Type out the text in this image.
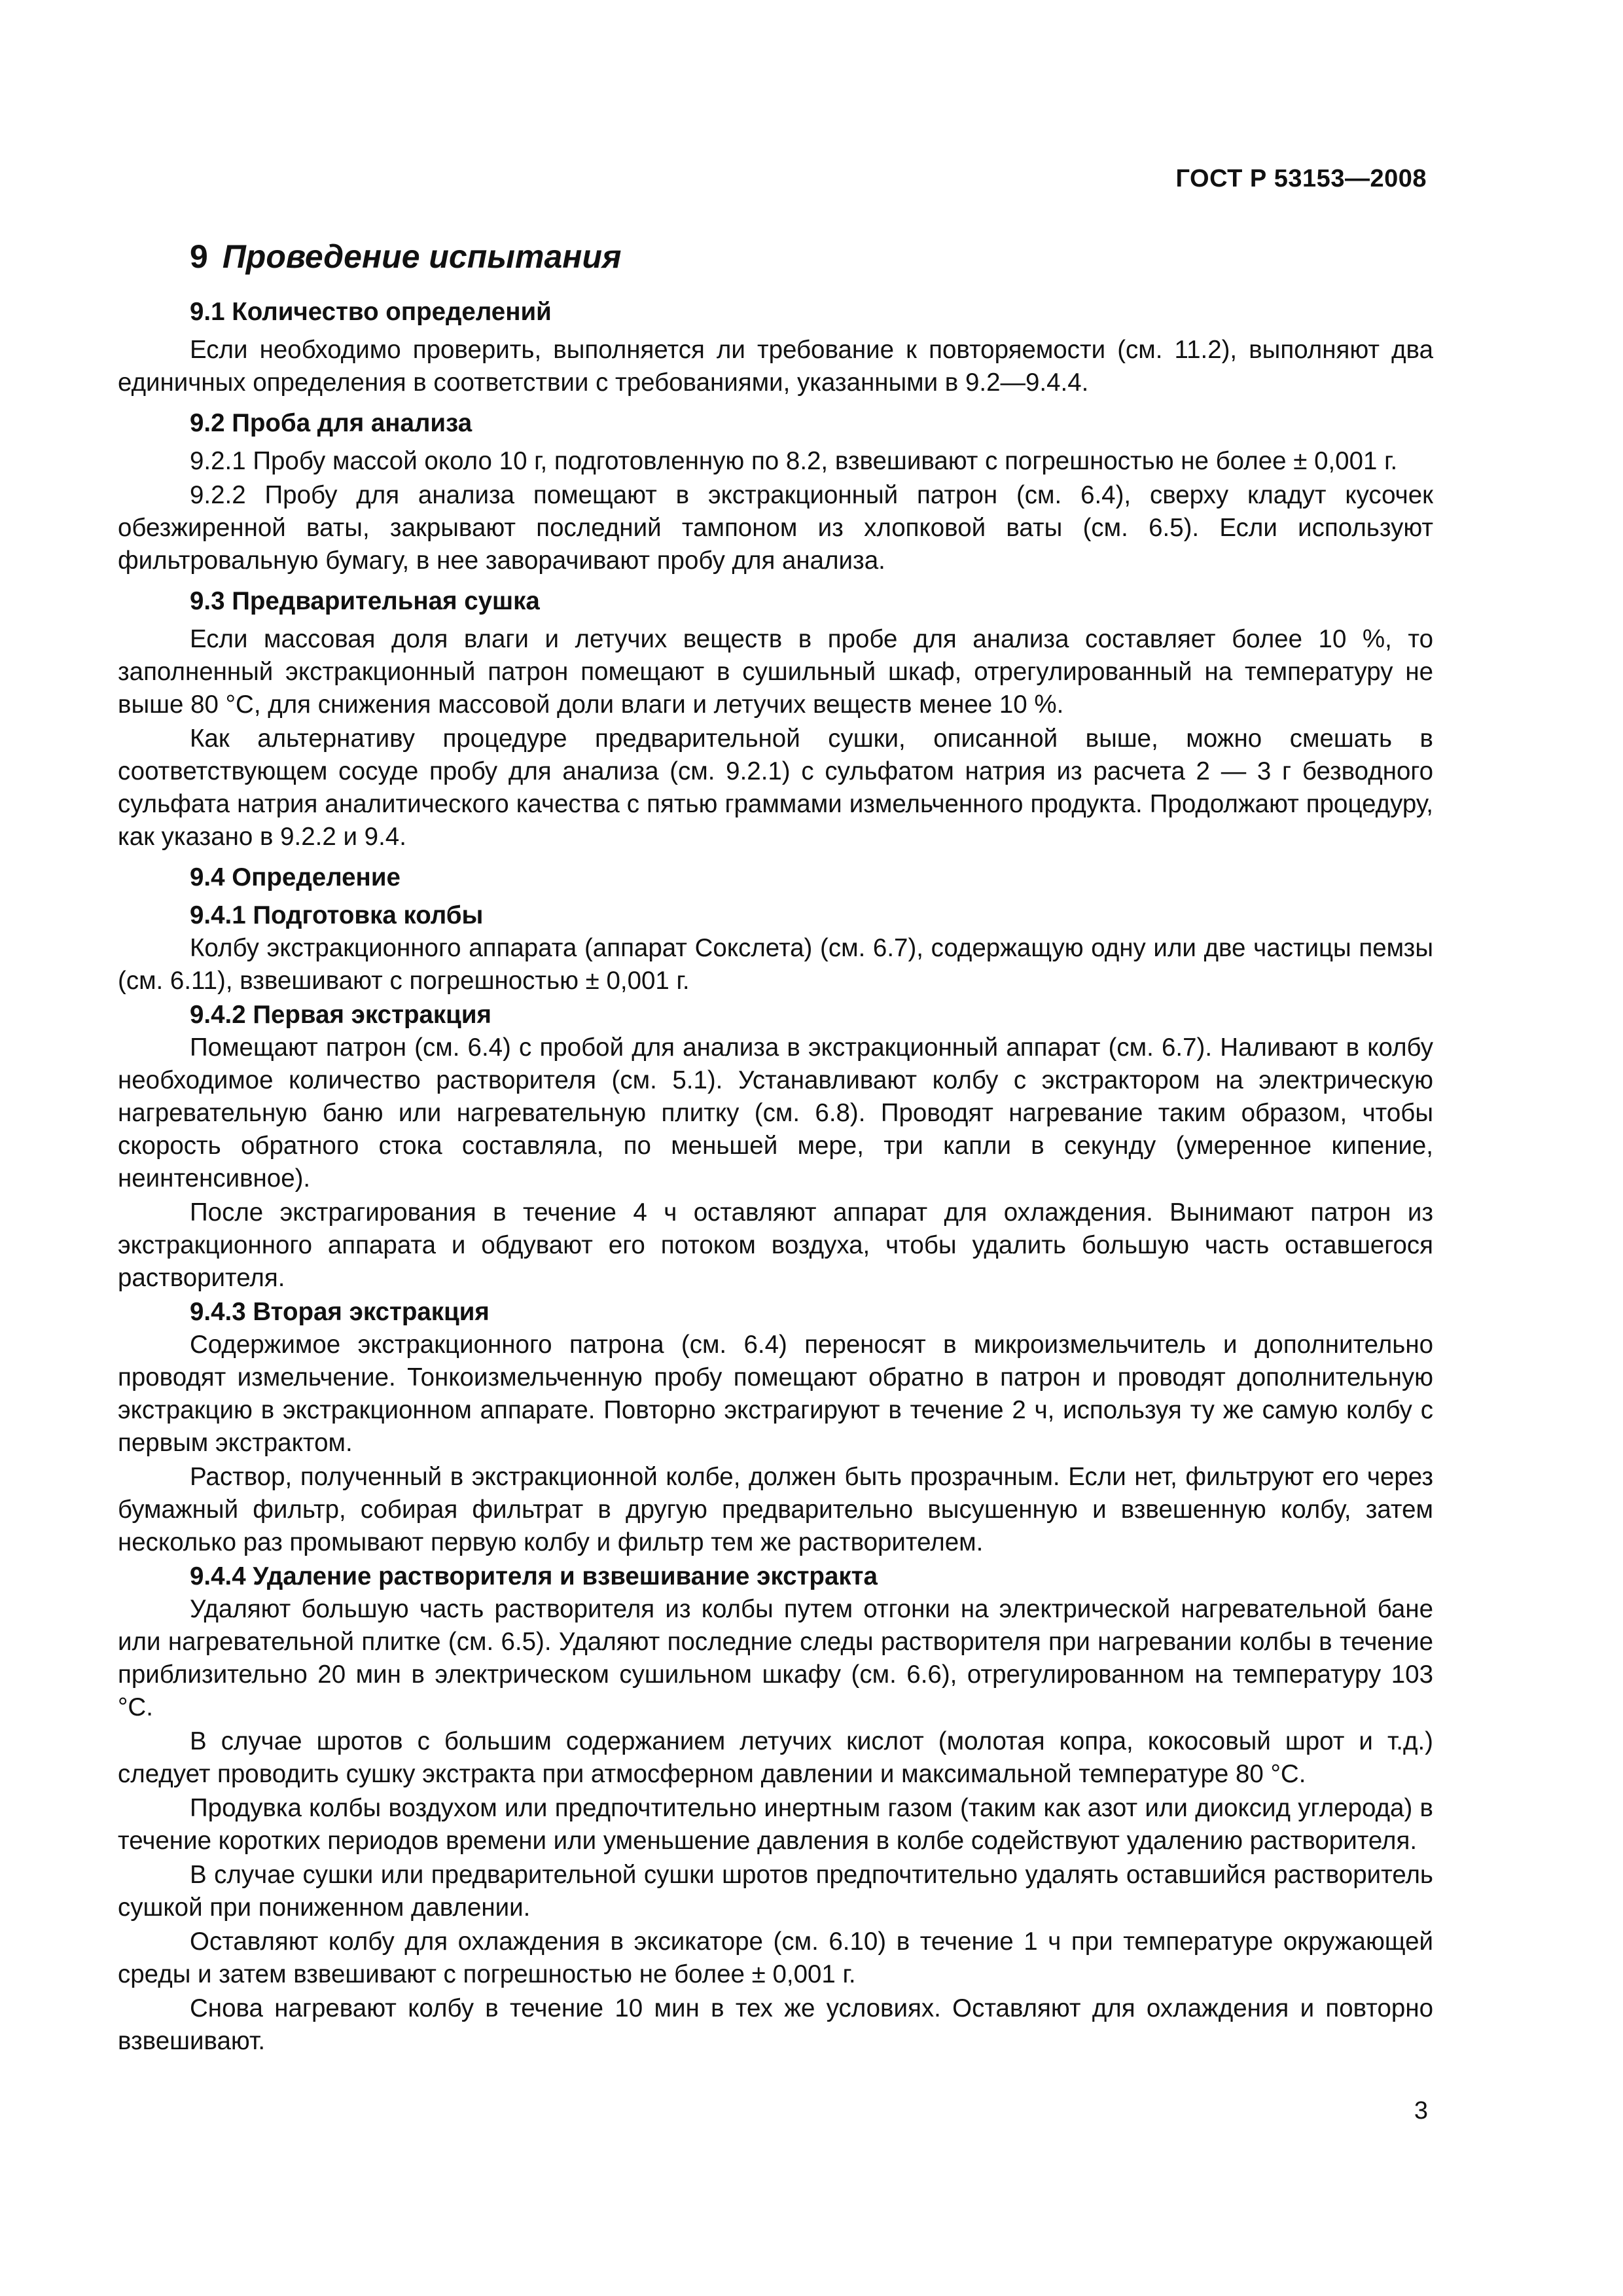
ГОСТ Р 53153—2008
9 Проведение испытания
9.1 Количество определений

Если необходимо проверить, выполняется ли требование к повторяемости (см. 11.2), выполняют два единичных определения в соответствии с требованиями, указанными в 9.2—9.4.4.

9.2 Проба для анализа

9.2.1 Пробу массой около 10 г, подготовленную по 8.2, взвешивают с погрешностью не более ± 0,001 г.

9.2.2 Пробу для анализа помещают в экстракционный патрон (см. 6.4), сверху кладут кусочек обезжиренной ваты, закрывают последний тампоном из хлопковой ваты (см. 6.5). Если используют фильтровальную бумагу, в нее заворачивают пробу для анализа.

9.3 Предварительная сушка

Если массовая доля влаги и летучих веществ в пробе для анализа составляет более 10 %, то заполненный экстракционный патрон помещают в сушильный шкаф, отрегулированный на температуру не выше 80 °С, для снижения массовой доли влаги и летучих веществ менее 10 %.

Как альтернативу процедуре предварительной сушки, описанной выше, можно смешать в соответствующем сосуде пробу для анализа (см. 9.2.1) с сульфатом натрия из расчета 2 — 3 г безводного сульфата натрия аналитического качества с пятью граммами измельченного продукта. Продолжают процедуру, как указано в 9.2.2 и 9.4.

9.4 Определение
9.4.1 Подготовка колбы

Колбу экстракционного аппарата (аппарат Сокслета) (см. 6.7), содержащую одну или две частицы пемзы (см. 6.11), взвешивают с погрешностью ± 0,001 г.

9.4.2 Первая экстракция

Помещают патрон (см. 6.4) с пробой для анализа в экстракционный аппарат (см. 6.7). Наливают в колбу необходимое количество растворителя (см. 5.1). Устанавливают колбу с экстрактором на электрическую нагревательную баню или нагревательную плитку (см. 6.8). Проводят нагревание таким образом, чтобы скорость обратного стока составляла, по меньшей мере, три капли в секунду (умеренное кипение, неинтенсивное).

После экстрагирования в течение 4 ч оставляют аппарат для охлаждения. Вынимают патрон из экстракционного аппарата и обдувают его потоком воздуха, чтобы удалить большую часть оставшегося растворителя.

9.4.3 Вторая экстракция

Содержимое экстракционного патрона (см. 6.4) переносят в микроизмельчитель и дополнительно проводят измельчение. Тонкоизмельченную пробу помещают обратно в патрон и проводят дополнительную экстракцию в экстракционном аппарате. Повторно экстрагируют в течение 2 ч, используя ту же самую колбу с первым экстрактом.

Раствор, полученный в экстракционной колбе, должен быть прозрачным. Если нет, фильтруют его через бумажный фильтр, собирая фильтрат в другую предварительно высушенную и взвешенную колбу, затем несколько раз промывают первую колбу и фильтр тем же растворителем.

9.4.4 Удаление растворителя и взвешивание экстракта

Удаляют большую часть растворителя из колбы путем отгонки на электрической нагревательной бане или нагревательной плитке (см. 6.5). Удаляют последние следы растворителя при нагревании колбы в течение приблизительно 20 мин в электрическом сушильном шкафу (см. 6.6), отрегулированном на температуру 103 °С.

В случае шротов с большим содержанием летучих кислот (молотая копра, кокосовый шрот и т.д.) следует проводить сушку экстракта при атмосферном давлении и максимальной температуре 80 °С.

Продувка колбы воздухом или предпочтительно инертным газом (таким как азот или диоксид углерода) в течение коротких периодов времени или уменьшение давления в колбе содействуют удалению растворителя.

В случае сушки или предварительной сушки шротов предпочтительно удалять оставшийся растворитель сушкой при пониженном давлении.

Оставляют колбу для охлаждения в эксикаторе (см. 6.10) в течение 1 ч при температуре окружающей среды и затем взвешивают с погрешностью не более ± 0,001 г.

Снова нагревают колбу в течение 10 мин в тех же условиях. Оставляют для охлаждения и повторно взвешивают.

3
